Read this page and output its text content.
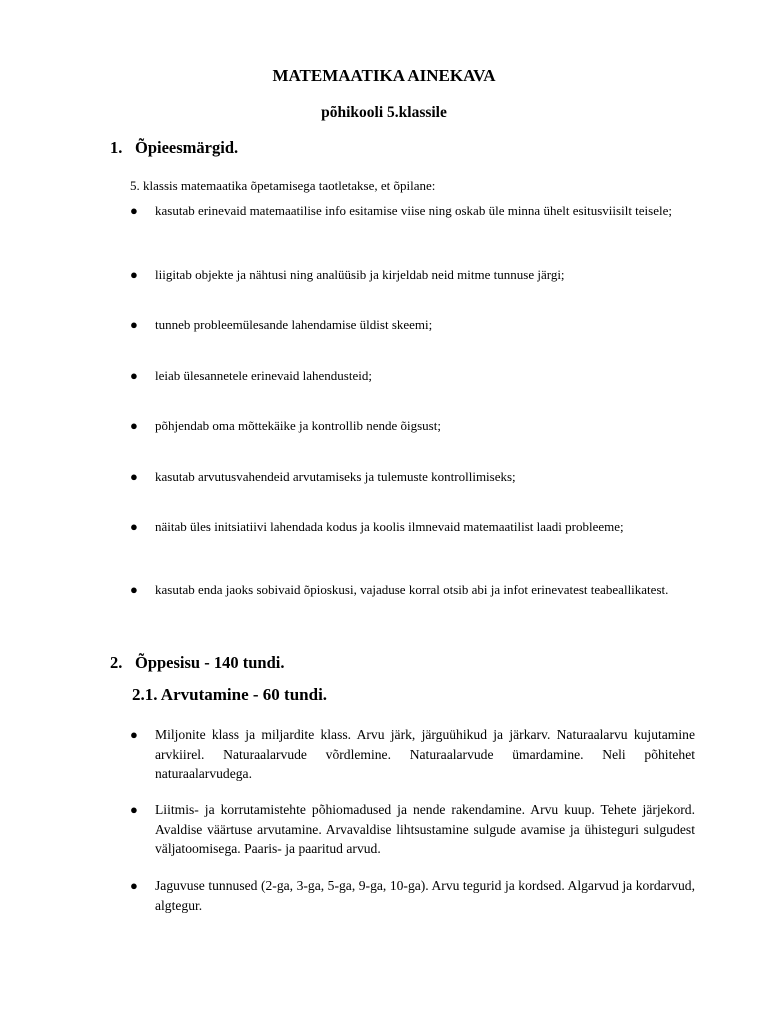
MATEMAATIKA AINEKAVA
põhikooli 5.klassile
1. Õpieesmärgid.
5. klassis matemaatika õpetamisega taotletakse, et õpilane:
●	kasutab erinevaid matemaatilise info esitamise viise ning oskab üle minna ühelt esitusviisilt teisele;
●	liigitab objekte ja nähtusi ning analüüsib ja kirjeldab neid mitme tunnuse järgi;
●	tunneb probleemülesande lahendamise üldist skeemi;
●	leiab ülesannetele erinevaid lahendusteid;
●	põhjendab oma mõttekäike ja kontrollib nende õigsust;
●	kasutab arvutusvahendeid arvutamiseks ja tulemuste kontrollimiseks;
●	näitab üles initsiatiivi lahendada kodus ja koolis ilmnevaid matemaatilist laadi probleeme;
●	kasutab enda jaoks sobivaid õpioskusi, vajaduse korral otsib abi ja infot erinevatest teabeallikatest.
2. Õppesisu - 140 tundi.
2.1. Arvutamine - 60 tundi.
●	Miljonite klass ja miljardite klass. Arvu järk, järguühikud ja järkarv. Naturaalarvu kujutamine arvkiirel. Naturaalarvude võrdlemine. Naturaalarvude ümardamine. Neli põhitehet naturaalarvudega.
●	Liitmis- ja korrutamistehte põhiomadused ja nende rakendamine. Arvu kuup. Tehete järjekord. Avaldise väärtuse arvutamine. Arvavaldise lihtsustamine sulgude avamise ja ühisteguri sulgudest väljatoomisega. Paaris- ja paaritud arvud.
●	Jaguvuse tunnused (2-ga, 3-ga, 5-ga, 9-ga, 10-ga). Arvu tegurid ja kordsed. Algarvud ja kordarvud, algtegur.
